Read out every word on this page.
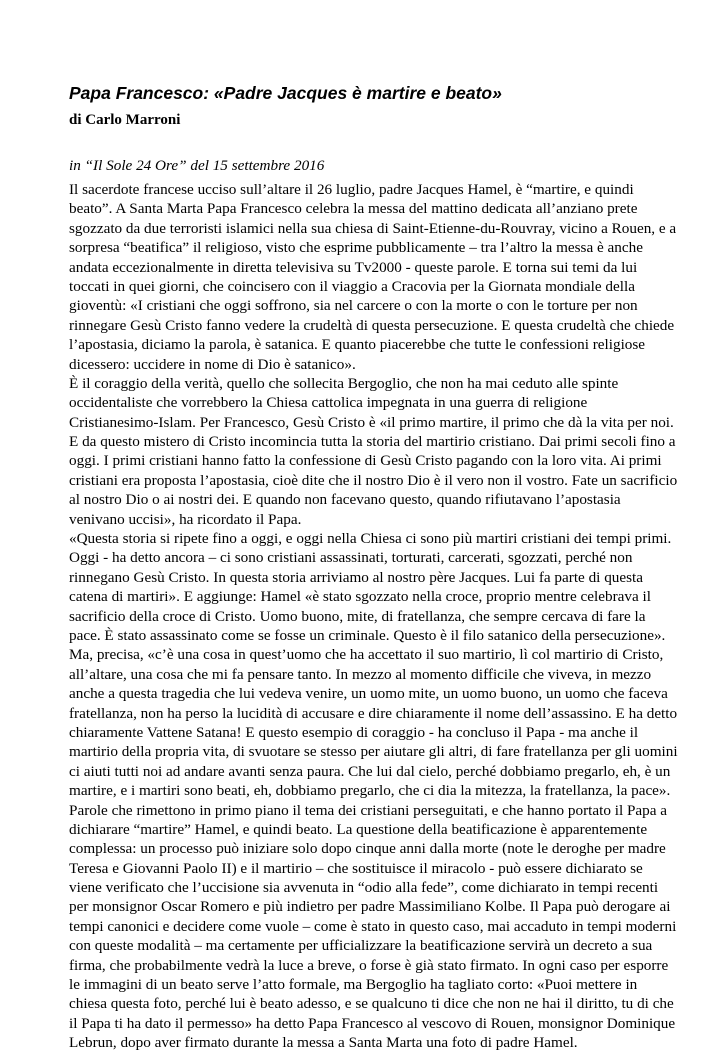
Papa Francesco: «Padre Jacques è martire e beato»

di Carlo Marroni

in “Il Sole 24 Ore” del 15 settembre 2016

Il sacerdote francese ucciso sull’altare il 26 luglio, padre Jacques Hamel, è “martire, e quindi
beato”. A Santa Marta Papa Francesco celebra la messa del mattino dedicata all’anziano prete
sgozzato da due terroristi islamici nella sua chiesa di Saint-Etienne-du-Rouvray, vicino a Rouen, e a
sorpresa “beatifica” il religioso, visto che esprime pubblicamente – tra l’altro la messa è anche
andata eccezionalmente in diretta televisiva su Tv2000 - queste parole. E torna sui temi da lui
toccati in quei giorni, che coincisero con il viaggio a Cracovia per la Giornata mondiale della
gioventù: «I cristiani che oggi soffrono, sia nel carcere o con la morte o con le torture per non
rinnegare Gesù Cristo fanno vedere la crudeltà di questa persecuzione. E questa crudeltà che chiede
l’apostasia, diciamo la parola, è satanica. E quanto piacerebbe che tutte le confessioni religiose
dicessero: uccidere in nome di Dio è satanico».
È il coraggio della verità, quello che sollecita Bergoglio, che non ha mai ceduto alle spinte
occidentaliste che vorrebbero la Chiesa cattolica impegnata in una guerra di religione
Cristianesimo-Islam. Per Francesco, Gesù Cristo è «il primo martire, il primo che dà la vita per noi.
E da questo mistero di Cristo incomincia tutta la storia del martirio cristiano. Dai primi secoli fino a
oggi. I primi cristiani hanno fatto la confessione di Gesù Cristo pagando con la loro vita. Ai primi
cristiani era proposta l’apostasia, cioè dite che il nostro Dio è il vero non il vostro. Fate un sacrificio
al nostro Dio o ai nostri dei. E quando non facevano questo, quando rifiutavano l’apostasia
venivano uccisi», ha ricordato il Papa.
«Questa storia si ripete fino a oggi, e oggi nella Chiesa ci sono più martiri cristiani dei tempi primi.
Oggi - ha detto ancora – ci sono cristiani assassinati, torturati, carcerati, sgozzati, perché non
rinnegano Gesù Cristo. In questa storia arriviamo al nostro père Jacques. Lui fa parte di questa
catena di martiri». E aggiunge: Hamel «è stato sgozzato nella croce, proprio mentre celebrava il
sacrificio della croce di Cristo. Uomo buono, mite, di fratellanza, che sempre cercava di fare la
pace. È stato assassinato come se fosse un criminale. Questo è il filo satanico della persecuzione».
Ma, precisa, «c’è una cosa in quest’uomo che ha accettato il suo martirio, lì col martirio di Cristo,
all’altare, una cosa che mi fa pensare tanto. In mezzo al momento difficile che viveva, in mezzo
anche a questa tragedia che lui vedeva venire, un uomo mite, un uomo buono, un uomo che faceva
fratellanza, non ha perso la lucidità di accusare e dire chiaramente il nome dell’assassino. E ha detto
chiaramente Vattene Satana! E questo esempio di coraggio - ha concluso il Papa - ma anche il
martirio della propria vita, di svuotare se stesso per aiutare gli altri, di fare fratellanza per gli uomini
ci aiuti tutti noi ad andare avanti senza paura. Che lui dal cielo, perché dobbiamo pregarlo, eh, è un
martire, e i martiri sono beati, eh, dobbiamo pregarlo, che ci dia la mitezza, la fratellanza, la pace».
Parole che rimettono in primo piano il tema dei cristiani perseguitati, e che hanno portato il Papa a
dichiarare “martire” Hamel, e quindi beato. La questione della beatificazione è apparentemente
complessa: un processo può iniziare solo dopo cinque anni dalla morte (note le deroghe per madre
Teresa e Giovanni Paolo II) e il martirio – che sostituisce il miracolo - può essere dichiarato se
viene verificato che l’uccisione sia avvenuta in “odio alla fede”, come dichiarato in tempi recenti
per monsignor Oscar Romero e più indietro per padre Massimiliano Kolbe. Il Papa può derogare ai
tempi canonici e decidere come vuole – come è stato in questo caso, mai accaduto in tempi moderni
con queste modalità – ma certamente per ufficializzare la beatificazione servirà un decreto a sua
firma, che probabilmente vedrà la luce a breve, o forse è già stato firmato. In ogni caso per esporre
le immagini di un beato serve l’atto formale, ma Bergoglio ha tagliato corto: «Puoi mettere in
chiesa questa foto, perché lui è beato adesso, e se qualcuno ti dice che non ne hai il diritto, tu di che
il Papa ti ha dato il permesso» ha detto Papa Francesco al vescovo di Rouen, monsignor Dominique
Lebrun, dopo aver firmato durante la messa a Santa Marta una foto di padre Hamel.
